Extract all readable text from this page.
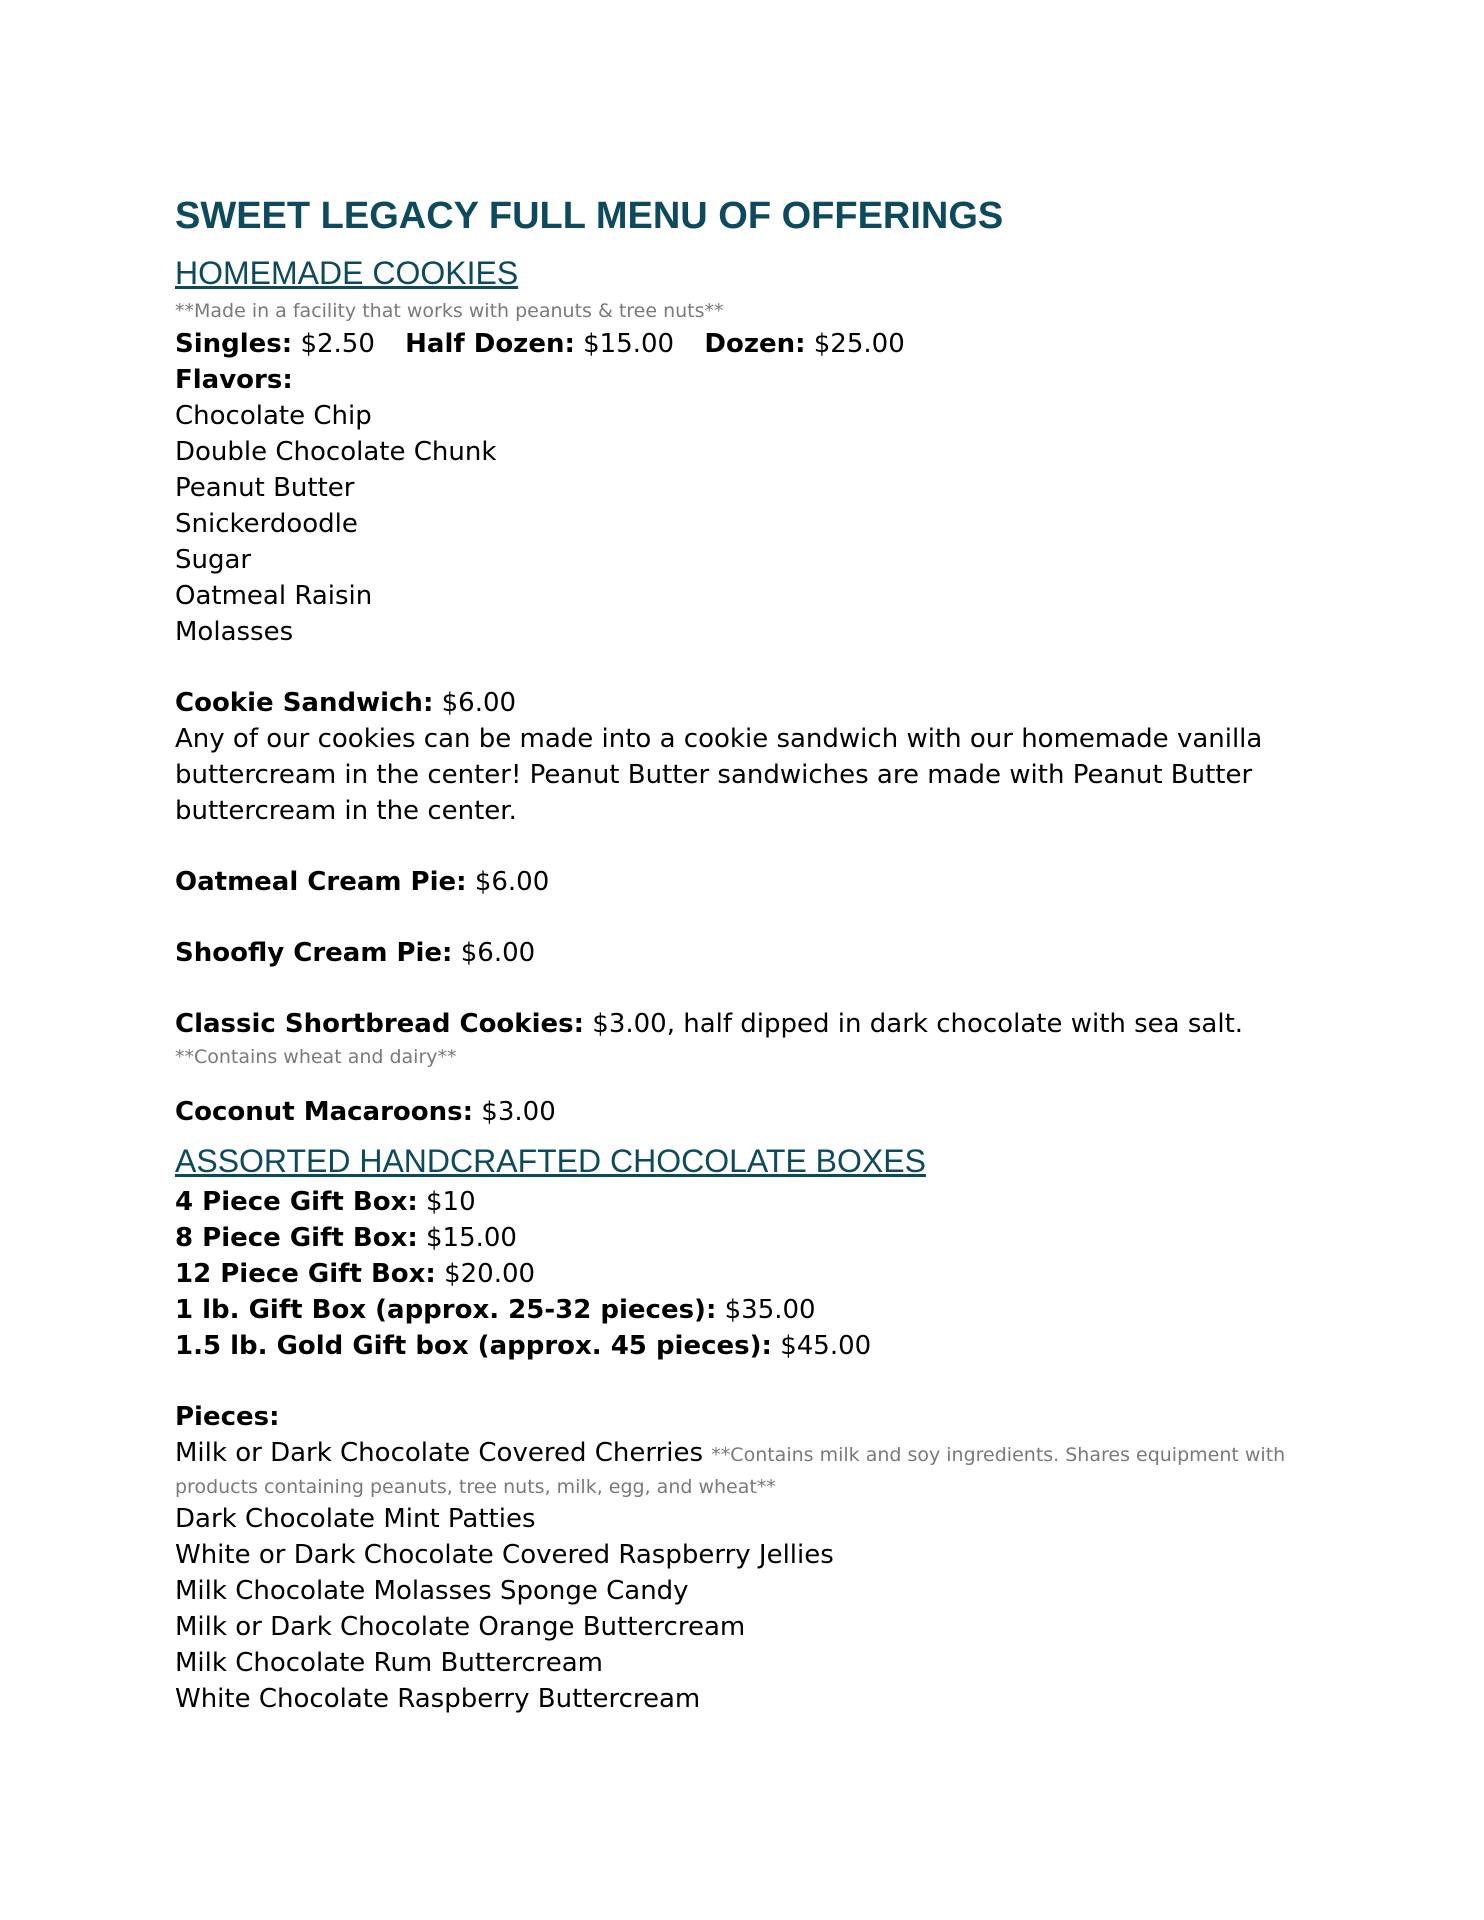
SWEET LEGACY FULL MENU OF OFFERINGS
HOMEMADE COOKIES
**Made in a facility that works with peanuts & tree nuts**

Singles: $2.50 Half Dozen: $15.00 Dozen: $25.00

Flavors:

Chocolate Chip

Double Chocolate Chunk

Peanut Butter

Snickerdoodle

Sugar

Oatmeal Raisin

Molasses

Cookie Sandwich: $6.00

Any of our cookies can be made into a cookie sandwich with our homemade vanilla buttercream in the center! Peanut Butter sandwiches are made with Peanut Butter buttercream in the center.

Oatmeal Cream Pie: $6.00

Shoofly Cream Pie: $6.00

Classic Shortbread Cookies: $3.00, half dipped in dark chocolate with sea salt.

**Contains wheat and dairy**

Coconut Macaroons: $3.00

ASSORTED HANDCRAFTED CHOCOLATE BOXES

4 Piece Gift Box: $10

8 Piece Gift Box: $15.00

12 Piece Gift Box: $20.00

1 lb. Gift Box (approx. 25-32 pieces): $35.00

1.5 lb. Gold Gift box (approx. 45 pieces): $45.00

Pieces:

Milk or Dark Chocolate Covered Cherries **Contains milk and soy ingredients. Shares equipment with

products containing peanuts, tree nuts, milk, egg, and wheat**

Dark Chocolate Mint Patties

White or Dark Chocolate Covered Raspberry Jellies

Milk Chocolate Molasses Sponge Candy

Milk or Dark Chocolate Orange Buttercream

Milk Chocolate Rum Buttercream

White Chocolate Raspberry Buttercream
